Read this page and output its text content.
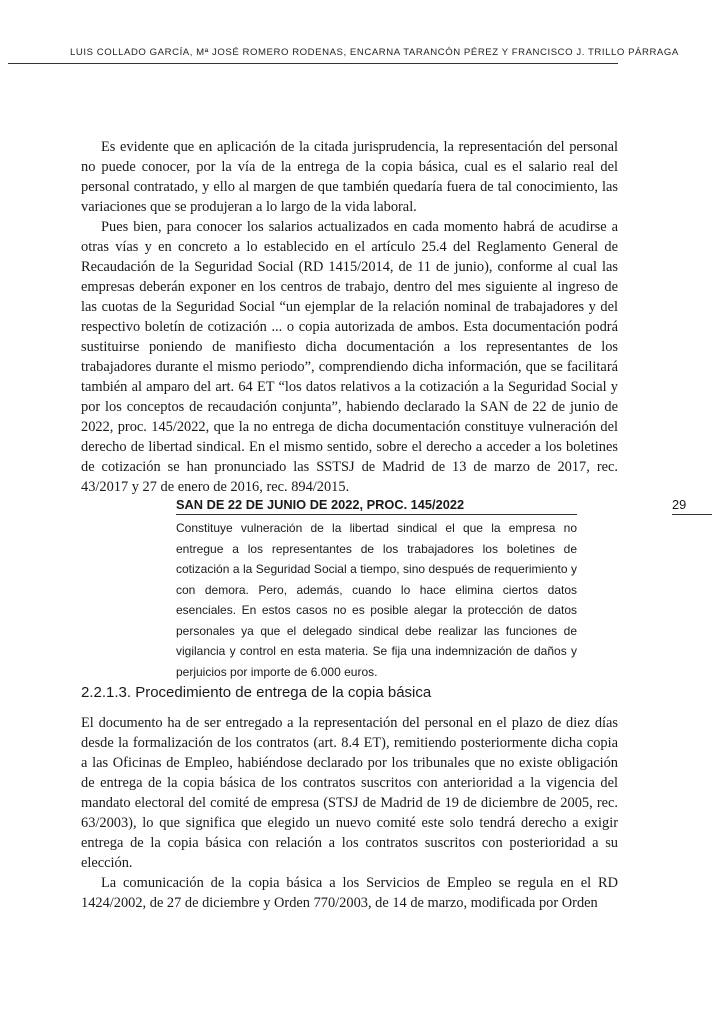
LUIS COLLADO GARCÍA, Mª JOSÉ ROMERO RODENAS, ENCARNA TARANCÓN PÉREZ Y FRANCISCO J. TRILLO PÁRRAGA

Es evidente que en aplicación de la citada jurisprudencia, la representación del personal no puede conocer, por la vía de la entrega de la copia básica, cual es el salario real del personal contratado, y ello al margen de que también quedaría fuera de tal conocimiento, las variaciones que se produjeran a lo largo de la vida laboral.

Pues bien, para conocer los salarios actualizados en cada momento habrá de acudirse a otras vías y en concreto a lo establecido en el artículo 25.4 del Reglamento General de Recaudación de la Seguridad Social (RD 1415/2014, de 11 de junio), conforme al cual las empresas deberán exponer en los centros de trabajo, dentro del mes siguiente al ingreso de las cuotas de la Seguridad Social “un ejemplar de la relación nominal de trabajadores y del respectivo boletín de cotización ... o copia autorizada de ambos. Esta documentación podrá sustituirse poniendo de manifiesto dicha documentación a los representantes de los trabajadores durante el mismo periodo”, comprendiendo dicha información, que se facilitará también al amparo del art. 64 ET “los datos relativos a la cotización a la Seguridad Social y por los conceptos de recaudación conjunta”, habiendo declarado la SAN de 22 de junio de 2022, proc. 145/2022, que la no entrega de dicha documentación constituye vulneración del derecho de libertad sindical. En el mismo sentido, sobre el derecho a acceder a los boletines de cotización se han pronunciado las SSTSJ de Madrid de 13 de marzo de 2017, rec. 43/2017 y 27 de enero de 2016, rec. 894/2015.

SAN DE 22 DE JUNIO DE 2022, PROC. 145/2022	29

Constituye vulneración de la libertad sindical el que la empresa no entregue a los representantes de los trabajadores los boletines de cotización a la Seguridad Social a tiempo, sino después de requerimiento y con demora. Pero, además, cuando lo hace elimina ciertos datos esenciales. En estos casos no es posible alegar la protección de datos personales ya que el delegado sindical debe realizar las funciones de vigilancia y control en esta materia. Se fija una indemnización de daños y perjuicios por importe de 6.000 euros.

2.2.1.3. Procedimiento de entrega de la copia básica

El documento ha de ser entregado a la representación del personal en el plazo de diez días desde la formalización de los contratos (art. 8.4 ET), remitiendo posteriormente dicha copia a las Oficinas de Empleo, habiéndose declarado por los tribunales que no existe obligación de entrega de la copia básica de los contratos suscritos con anterioridad a la vigencia del mandato electoral del comité de empresa (STSJ de Madrid de 19 de diciembre de 2005, rec. 63/2003), lo que significa que elegido un nuevo comité este solo tendrá derecho a exigir entrega de la copia básica con relación a los contratos suscritos con posterioridad a su elección.

La comunicación de la copia básica a los Servicios de Empleo se regula en el RD 1424/2002, de 27 de diciembre y Orden 770/2003, de 14 de marzo, modificada por Orden
